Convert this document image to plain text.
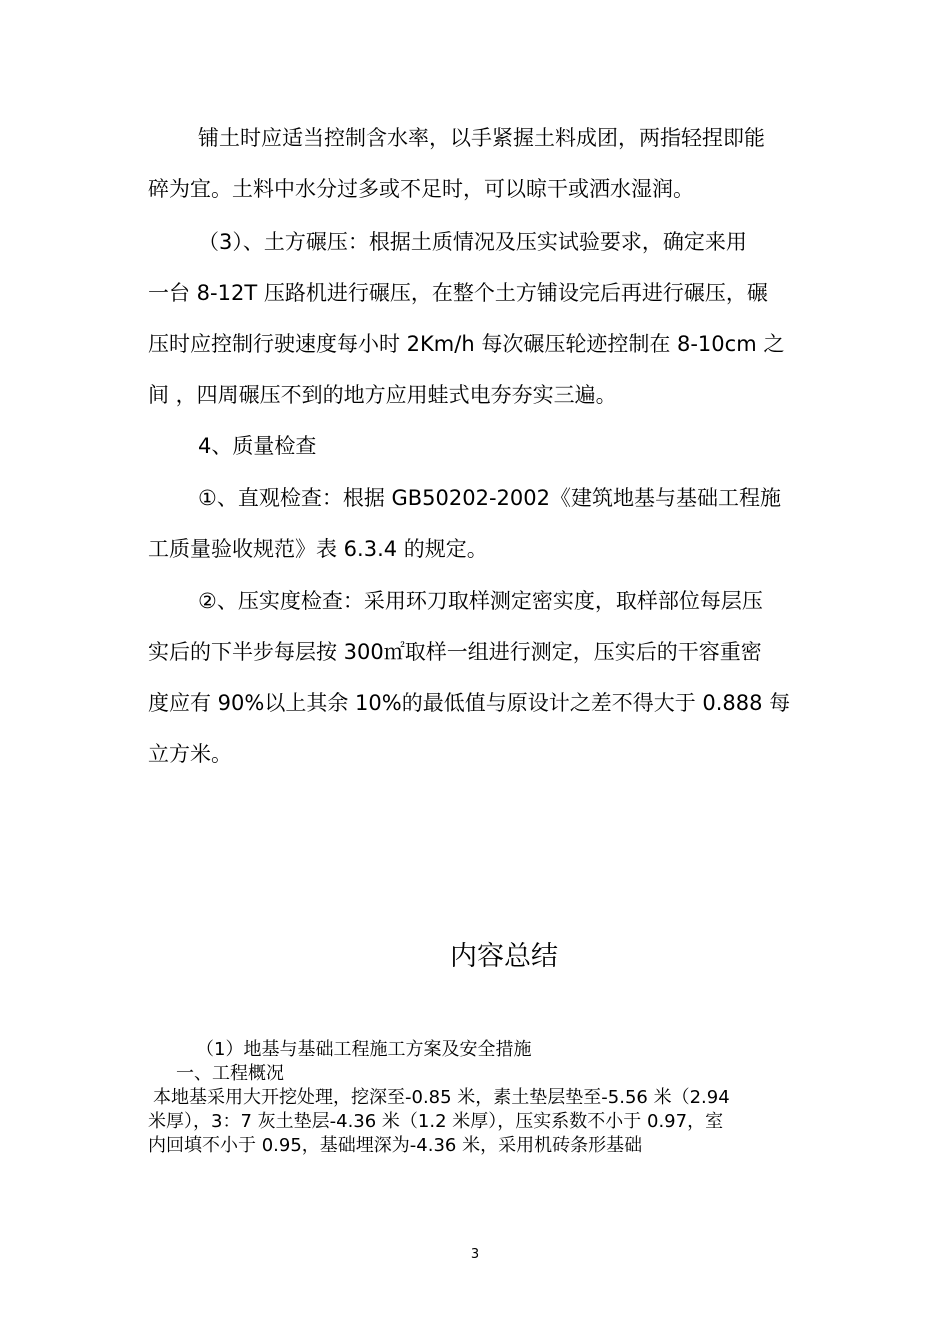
铺土时应适当控制含水率，以手紧握土料成团，两指轻捏即能
碎为宜。土料中水分过多或不足时，可以晾干或洒水湿润。
（3）、土方碾压：根据土质情况及压实试验要求，确定来用
一台 8-12T 压路机进行碾压，在整个土方铺设完后再进行碾压，碾
压时应控制行驶速度每小时 2Km/h 每次碾压轮迹控制在 8-10cm 之
间 ，四周碾压不到的地方应用蛙式电夯夯实三遍。
4、质量检查
①、直观检查：根据 GB50202-2002《建筑地基与基础工程施
工质量验收规范》表 6.3.4 的规定。
②、压实度检查：采用环刀取样测定密实度，取样部位每层压
实后的下半步每层按 300㎡取样一组进行测定，压实后的干容重密
度应有 90%以上其余 10%的最低值与原设计之差不得大于 0.888 每
立方米。
内容总结
（1）地基与基础工程施工方案及安全措施
一、工程概况
本地基采用大开挖处理，挖深至-0.85 米，素土垫层垫至-5.56 米（2.94
米厚），3：7 灰土垫层-4.36 米（1.2 米厚），压实系数不小于 0.97，室
内回填不小于 0.95，基础埋深为-4.36 米，采用机砖条形基础
3
